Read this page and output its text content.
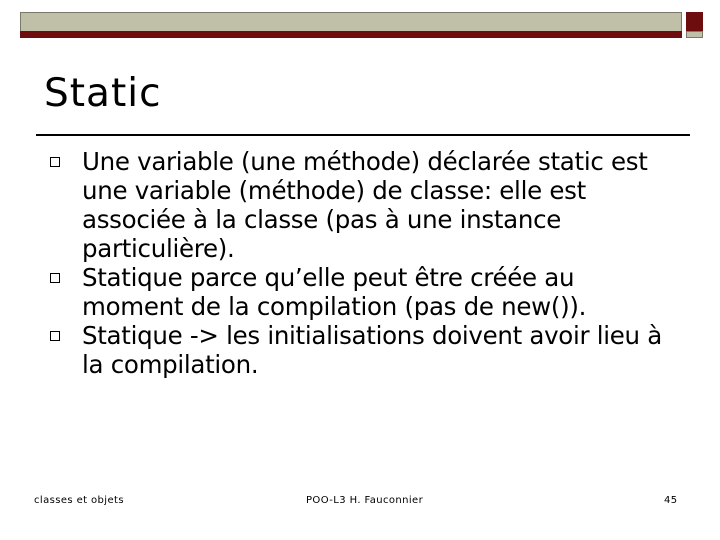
Static
Une variable (une méthode) déclarée static est une variable (méthode) de classe: elle est associée à la classe (pas à une instance particulière).
Statique parce qu’elle peut être créée au moment de la compilation (pas de new()).
Statique -> les initialisations doivent avoir lieu à la compilation.
classes et objets	POO-L3 H. Fauconnier	45
